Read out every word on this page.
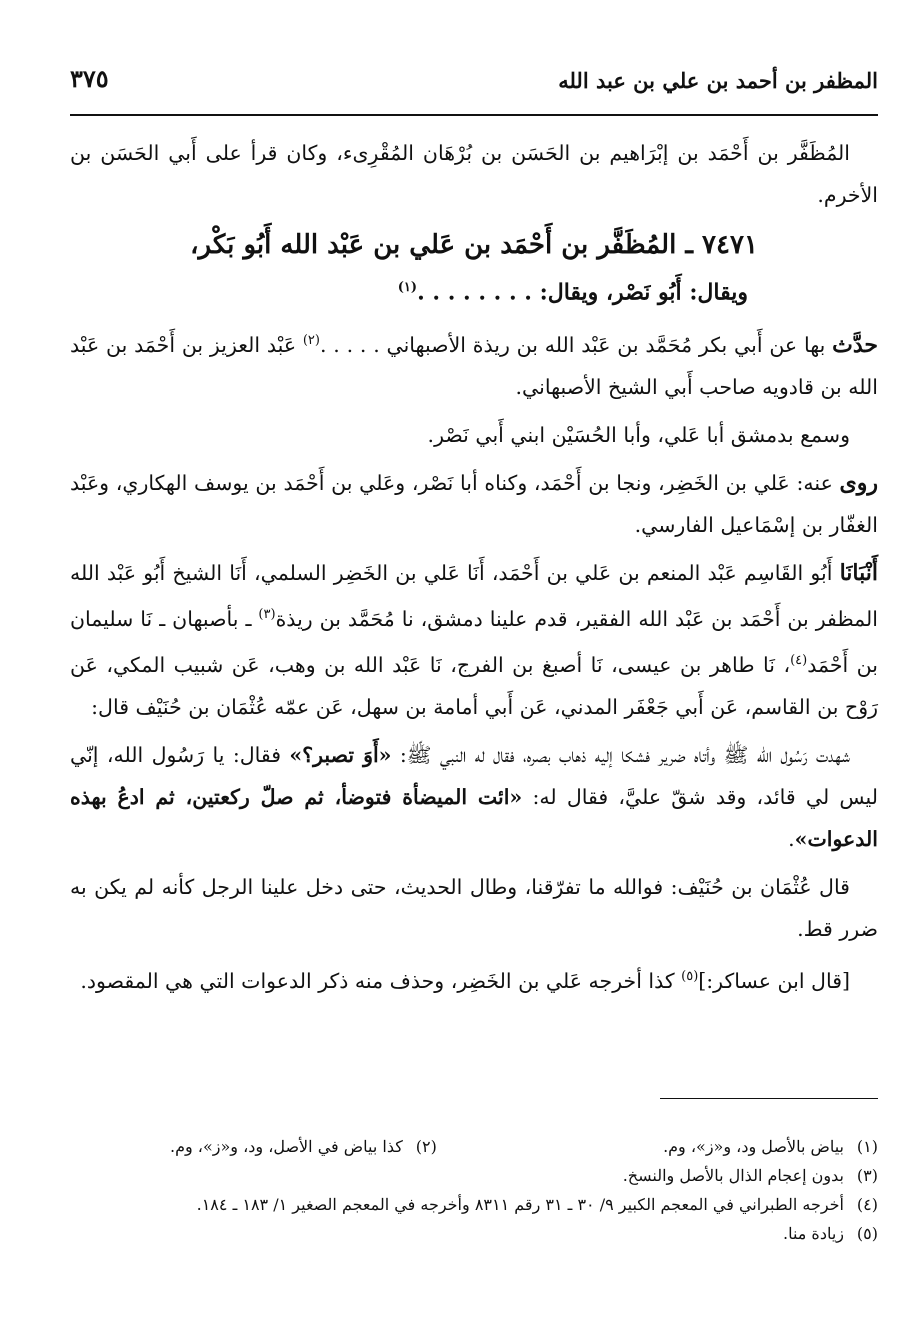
المظفر بن أحمد بن علي بن عبد الله
٣٧٥

المُظَفَّر بن أَحْمَد بن إبْرَاهيم بن الحَسَن بن بُرْهَان المُقْرِىء، وكان قرأ على أَبي الحَسَن بن الأخرم.

٧٤٧١ ـ المُظَفَّر بن أَحْمَد بن عَلي بن عَبْد الله أَبُو بَكْر،

ويقال: أَبُو نَصْر، ويقال: . . . . . . . .$^{(١)}$

حدَّث بها عن أَبي بكر مُحَمَّد بن عَبْد الله بن ريذة الأصبهاني . . . . .$^{(٢)}$ عَبْد العزيز بن أَحْمَد بن عَبْد الله بن قادويه صاحب أَبي الشيخ الأصبهاني.

وسمع بدمشق أبا عَلي، وأبا الحُسَيْن ابني أَبي نَصْر.

روى عنه: عَلي بن الخَضِر، ونجا بن أَحْمَد، وكناه أبا نَصْر، وعَلي بن أَحْمَد بن يوسف الهكاري، وعَبْد الغفّار بن إسْمَاعيل الفارسي.

أَنْبَانَا أَبُو القَاسِم عَبْد المنعم بن عَلي بن أَحْمَد، أَنَا عَلي بن الخَضِر السلمي، أَنَا الشيخ أَبُو عَبْد الله المظفر بن أَحْمَد بن عَبْد الله الفقير، قدم علينا دمشق، نا مُحَمَّد بن ريذة$^{(٣)}$ ـ بأصبهان ـ نَا سليمان بن أَحْمَد$^{(٤)}$، نَا طاهر بن عيسى، نَا أصبغ بن الفرج، نَا عَبْد الله بن وهب، عَن شبيب المكي، عَن رَوْح بن القاسم، عَن أَبي جَعْفَر المدني، عَن أَبي أمامة بن سهل، عَن عمّه عُثْمَان بن حُنَيْف قال:

شهدت رَسُول الله ﷺ وأتاه ضرير فشكا إليه ذهاب بصره، فقال له النبي ﷺ: «أَوَ تصبر؟» فقال: يا رَسُول الله، إنّي ليس لي قائد، وقد شقّ عليَّ، فقال له: «ائت الميضأة فتوضأ، ثم صلّ ركعتين، ثم ادعُ بهذه الدعوات».

قال عُثْمَان بن حُنَيْف: فوالله ما تفرّقنا، وطال الحديث، حتى دخل علينا الرجل كأنه لم يكن به ضرر قط.

[قال ابن عساكر:]$^{(٥)}$ كذا أخرجه عَلي بن الخَضِر، وحذف منه ذكر الدعوات التي هي المقصود.

(١)بياض بالأصل ود، و«ز»، وم.
(٢)كذا بياض في الأصل، ود، و«ز»، وم.
(٣)بدون إعجام الذال بالأصل والنسخ.
(٤)أخرجه الطبراني في المعجم الكبير ٩/ ٣٠ ـ ٣١ رقم ٨٣١١ وأخرجه في المعجم الصغير ١/ ١٨٣ ـ ١٨٤.
(٥)زيادة منا.
